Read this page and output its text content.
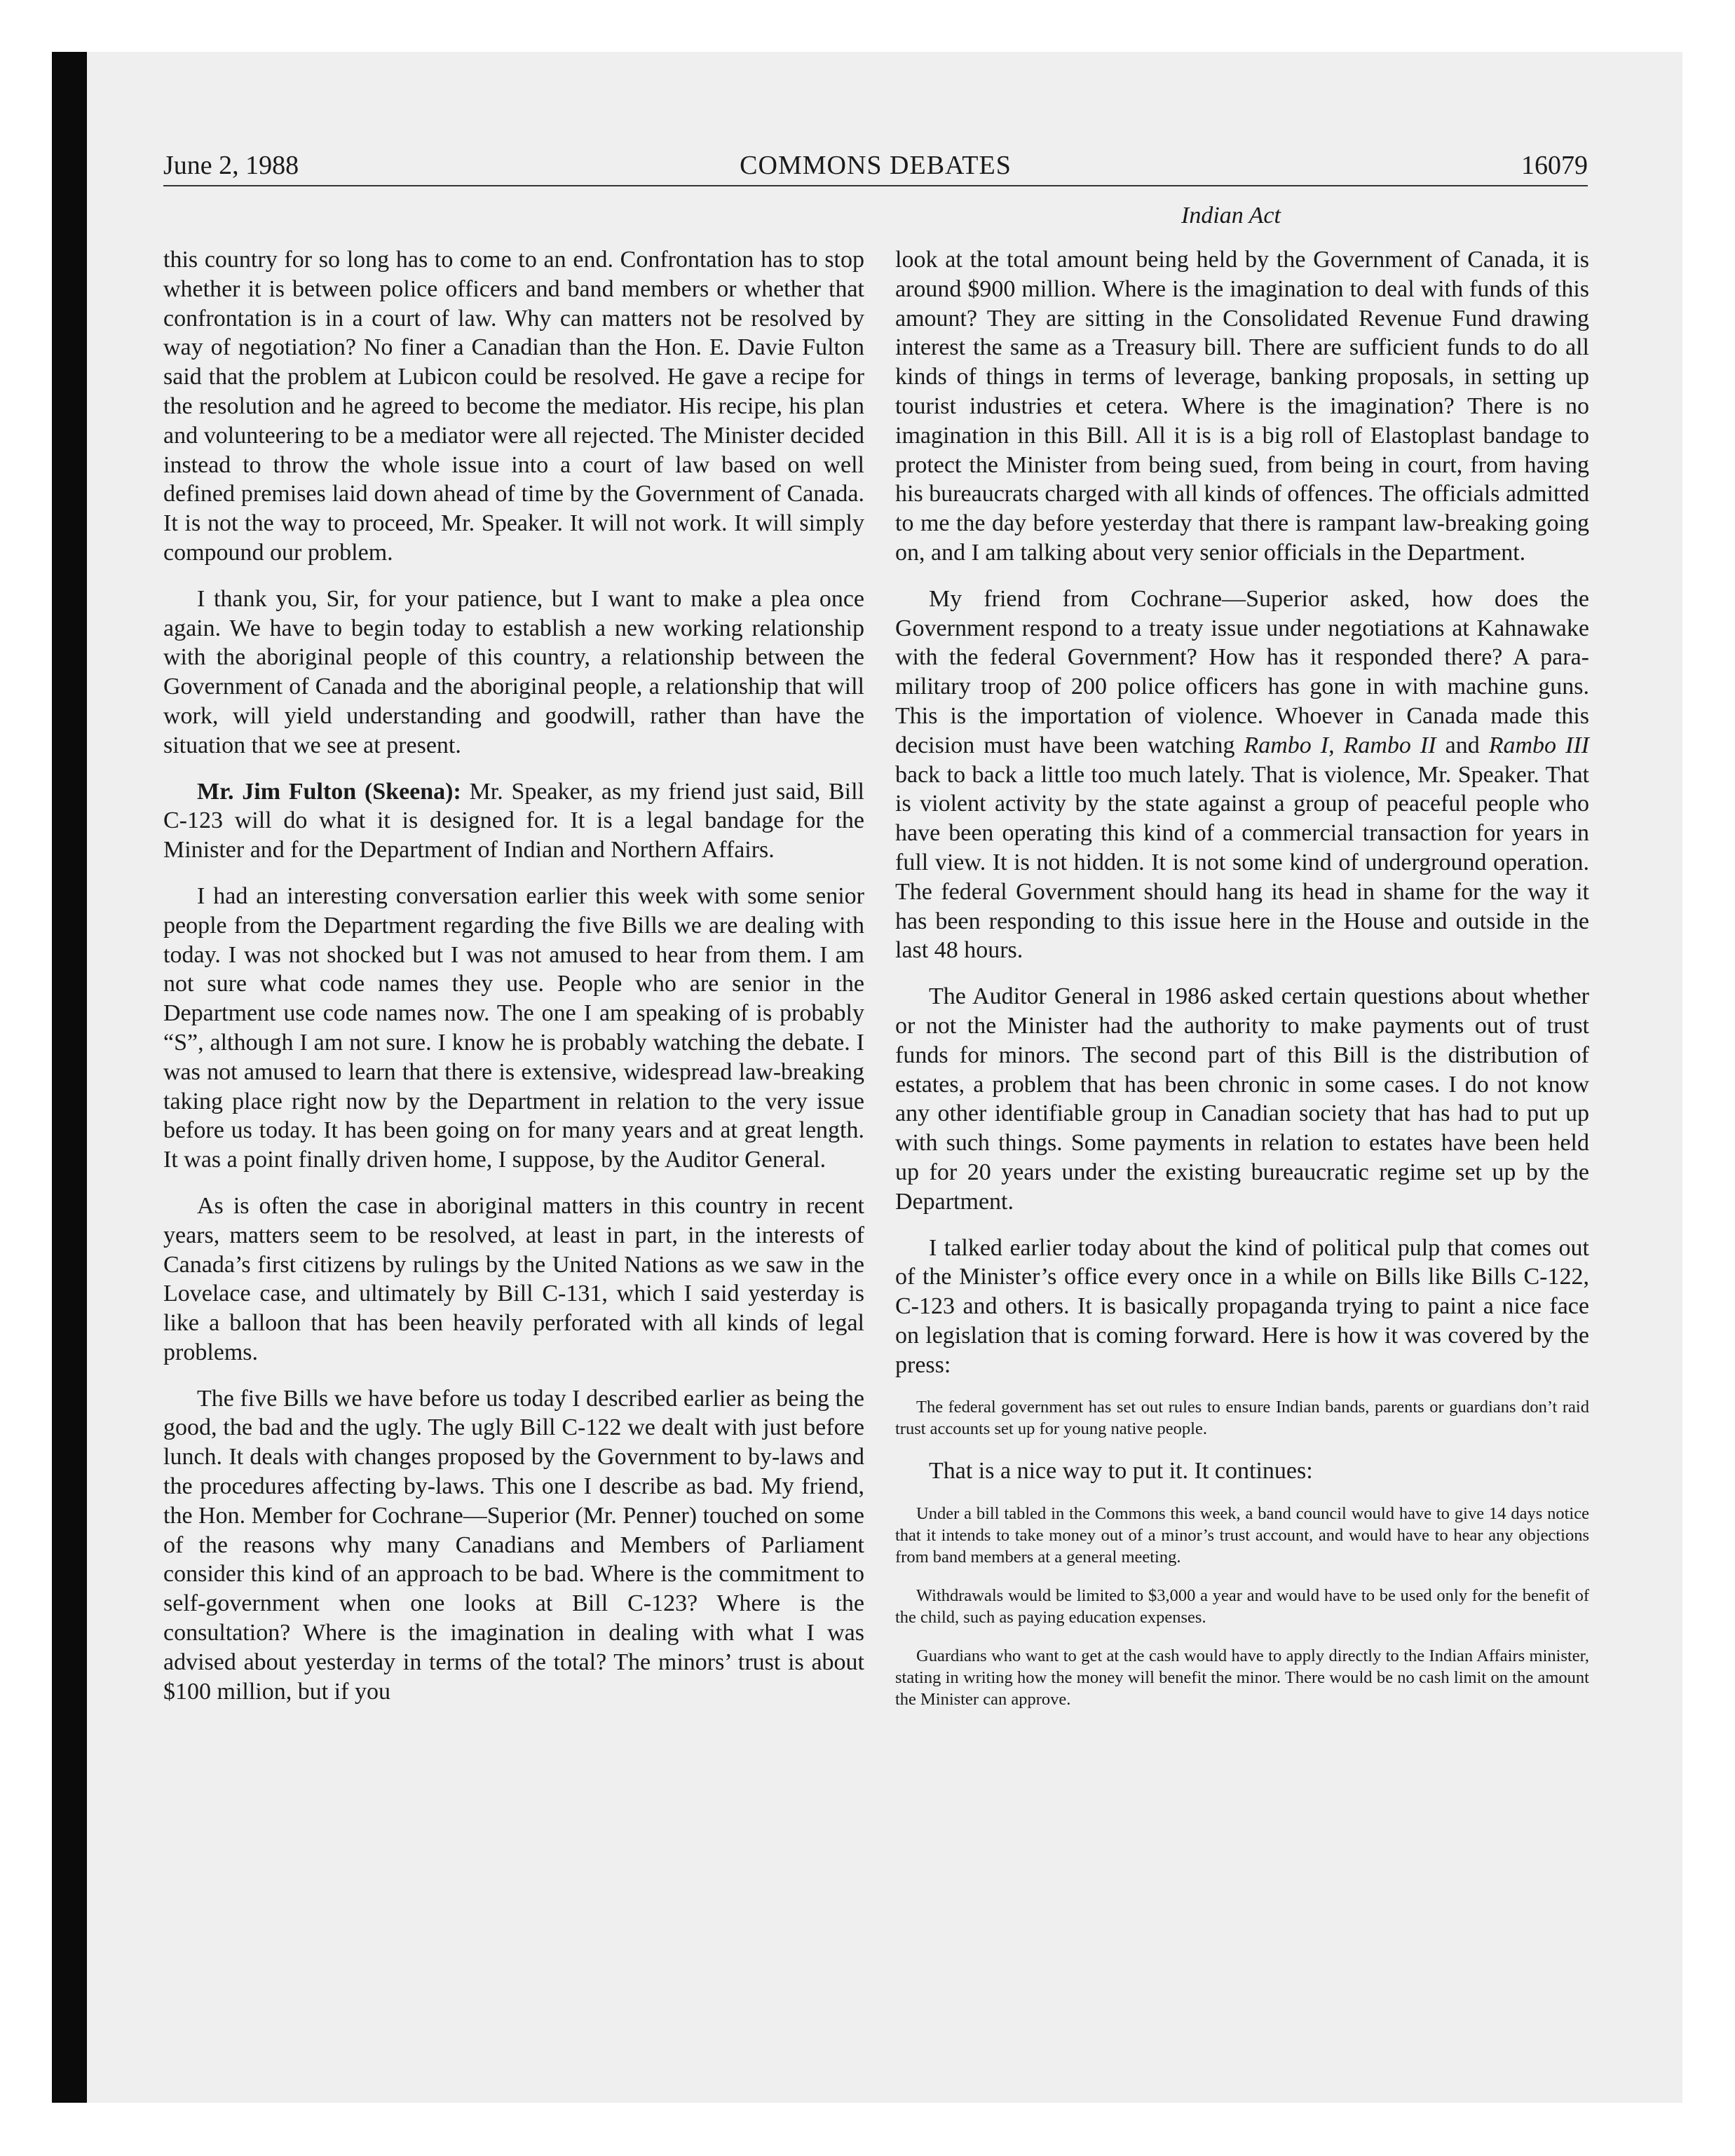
June 2, 1988	COMMONS DEBATES	16079
Indian Act

this country for so long has to come to an end. Confrontation has to stop whether it is between police officers and band members or whether that confrontation is in a court of law. Why can matters not be resolved by way of negotiation? No finer a Canadian than the Hon. E. Davie Fulton said that the problem at Lubicon could be resolved. He gave a recipe for the resolution and he agreed to become the mediator. His recipe, his plan and volunteering to be a mediator were all rejected. The Minister decided instead to throw the whole issue into a court of law based on well defined premises laid down ahead of time by the Government of Canada. It is not the way to proceed, Mr. Speaker. It will not work. It will simply compound our problem.

I thank you, Sir, for your patience, but I want to make a plea once again. We have to begin today to establish a new working relationship with the aboriginal people of this country, a relationship between the Government of Canada and the aboriginal people, a relationship that will work, will yield understanding and goodwill, rather than have the situation that we see at present.

Mr. Jim Fulton (Skeena): Mr. Speaker, as my friend just said, Bill C-123 will do what it is designed for. It is a legal bandage for the Minister and for the Department of Indian and Northern Affairs.

I had an interesting conversation earlier this week with some senior people from the Department regarding the five Bills we are dealing with today. I was not shocked but I was not amused to hear from them. I am not sure what code names they use. People who are senior in the Department use code names now. The one I am speaking of is probably “S”, although I am not sure. I know he is probably watching the debate. I was not amused to learn that there is extensive, widespread law-breaking taking place right now by the Department in relation to the very issue before us today. It has been going on for many years and at great length. It was a point finally driven home, I suppose, by the Auditor General.

As is often the case in aboriginal matters in this country in recent years, matters seem to be resolved, at least in part, in the interests of Canada’s first citizens by rulings by the United Nations as we saw in the Lovelace case, and ultimately by Bill C-131, which I said yesterday is like a balloon that has been heavily perforated with all kinds of legal problems.

The five Bills we have before us today I described earlier as being the good, the bad and the ugly. The ugly Bill C-122 we dealt with just before lunch. It deals with changes proposed by the Government to by-laws and the procedures affecting by-laws. This one I describe as bad. My friend, the Hon. Member for Cochrane—Superior (Mr. Penner) touched on some of the reasons why many Canadians and Members of Parliament consider this kind of an approach to be bad. Where is the commitment to self-government when one looks at Bill C-123? Where is the consultation? Where is the imagination in dealing with what I was advised about yesterday in terms of the total? The minors’ trust is about $100 million, but if you

look at the total amount being held by the Government of Canada, it is around $900 million. Where is the imagination to deal with funds of this amount? They are sitting in the Consolidated Revenue Fund drawing interest the same as a Treasury bill. There are sufficient funds to do all kinds of things in terms of leverage, banking proposals, in setting up tourist industries et cetera. Where is the imagination? There is no imagination in this Bill. All it is is a big roll of Elastoplast bandage to protect the Minister from being sued, from being in court, from having his bureaucrats charged with all kinds of offences. The officials admitted to me the day before yesterday that there is rampant law-breaking going on, and I am talking about very senior officials in the Department.

My friend from Cochrane—Superior asked, how does the Government respond to a treaty issue under negotiations at Kahnawake with the federal Government? How has it responded there? A para-military troop of 200 police officers has gone in with machine guns. This is the importation of violence. Whoever in Canada made this decision must have been watching Rambo I, Rambo II and Rambo III back to back a little too much lately. That is violence, Mr. Speaker. That is violent activity by the state against a group of peaceful people who have been operating this kind of a commercial transaction for years in full view. It is not hidden. It is not some kind of underground operation. The federal Government should hang its head in shame for the way it has been responding to this issue here in the House and outside in the last 48 hours.

The Auditor General in 1986 asked certain questions about whether or not the Minister had the authority to make payments out of trust funds for minors. The second part of this Bill is the distribution of estates, a problem that has been chronic in some cases. I do not know any other identifiable group in Canadian society that has had to put up with such things. Some payments in relation to estates have been held up for 20 years under the existing bureaucratic regime set up by the Department.

I talked earlier today about the kind of political pulp that comes out of the Minister’s office every once in a while on Bills like Bills C-122, C-123 and others. It is basically propaganda trying to paint a nice face on legislation that is coming forward. Here is how it was covered by the press:

The federal government has set out rules to ensure Indian bands, parents or guardians don’t raid trust accounts set up for young native people.

That is a nice way to put it. It continues:

Under a bill tabled in the Commons this week, a band council would have to give 14 days notice that it intends to take money out of a minor’s trust account, and would have to hear any objections from band members at a general meeting.

Withdrawals would be limited to $3,000 a year and would have to be used only for the benefit of the child, such as paying education expenses.

Guardians who want to get at the cash would have to apply directly to the Indian Affairs minister, stating in writing how the money will benefit the minor. There would be no cash limit on the amount the Minister can approve.
